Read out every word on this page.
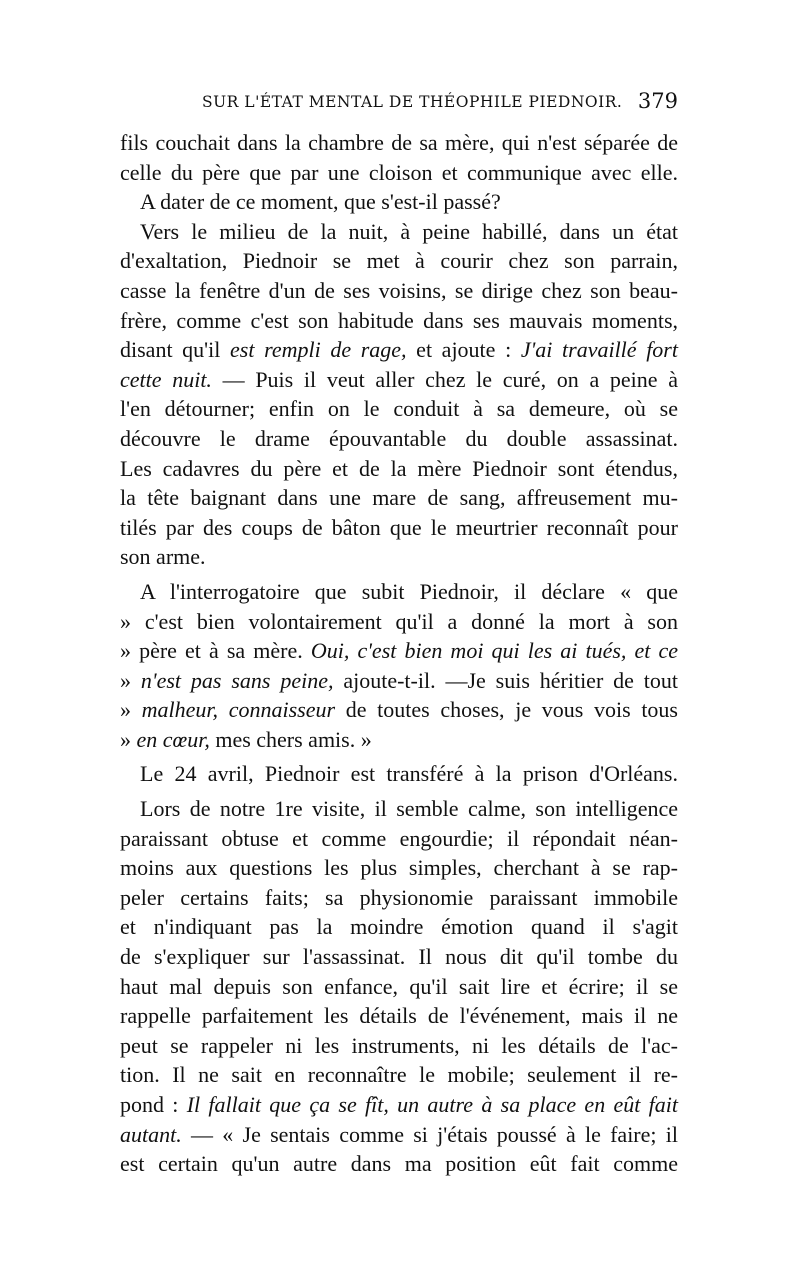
SUR L'ÉTAT MENTAL DE THÉOPHILE PIEDNOIR. 379
fils couchait dans la chambre de sa mère, qui n'est séparée de
celle du père que par une cloison et communique avec elle.
A dater de ce moment, que s'est-il passé?
Vers le milieu de la nuit, à peine habillé, dans un état
d'exaltation, Piednoir se met à courir chez son parrain,
casse la fenêtre d'un de ses voisins, se dirige chez son beau-
frère, comme c'est son habitude dans ses mauvais moments,
disant qu'il est rempli de rage, et ajoute : J'ai travaillé fort
cette nuit. — Puis il veut aller chez le curé, on a peine à
l'en détourner; enfin on le conduit à sa demeure, où se
découvre le drame épouvantable du double assassinat.
Les cadavres du père et de la mère Piednoir sont étendus,
la tête baignant dans une mare de sang, affreusement mu-
tilés par des coups de bâton que le meurtrier reconnaît pour
son arme.
A l'interrogatoire que subit Piednoir, il déclare « que
» c'est bien volontairement qu'il a donné la mort à son
» père et à sa mère. Oui, c'est bien moi qui les ai tués, et ce
» n'est pas sans peine, ajoute-t-il. —Je suis héritier de tout
» malheur, connaisseur de toutes choses, je vous vois tous
» en cœur, mes chers amis. »
Le 24 avril, Piednoir est transféré à la prison d'Orléans.
Lors de notre 1re visite, il semble calme, son intelligence
paraissant obtuse et comme engourdie; il répondait néan-
moins aux questions les plus simples, cherchant à se rap-
peler certains faits; sa physionomie paraissant immobile
et n'indiquant pas la moindre émotion quand il s'agit
de s'expliquer sur l'assassinat. Il nous dit qu'il tombe du
haut mal depuis son enfance, qu'il sait lire et écrire; il se
rappelle parfaitement les détails de l'événement, mais il ne
peut se rappeler ni les instruments, ni les détails de l'ac-
tion. Il ne sait en reconnaître le mobile; seulement il re-
pond : Il fallait que ça se fît, un autre à sa place en eût fait
autant. — « Je sentais comme si j'étais poussé à le faire; il
est certain qu'un autre dans ma position eût fait comme
